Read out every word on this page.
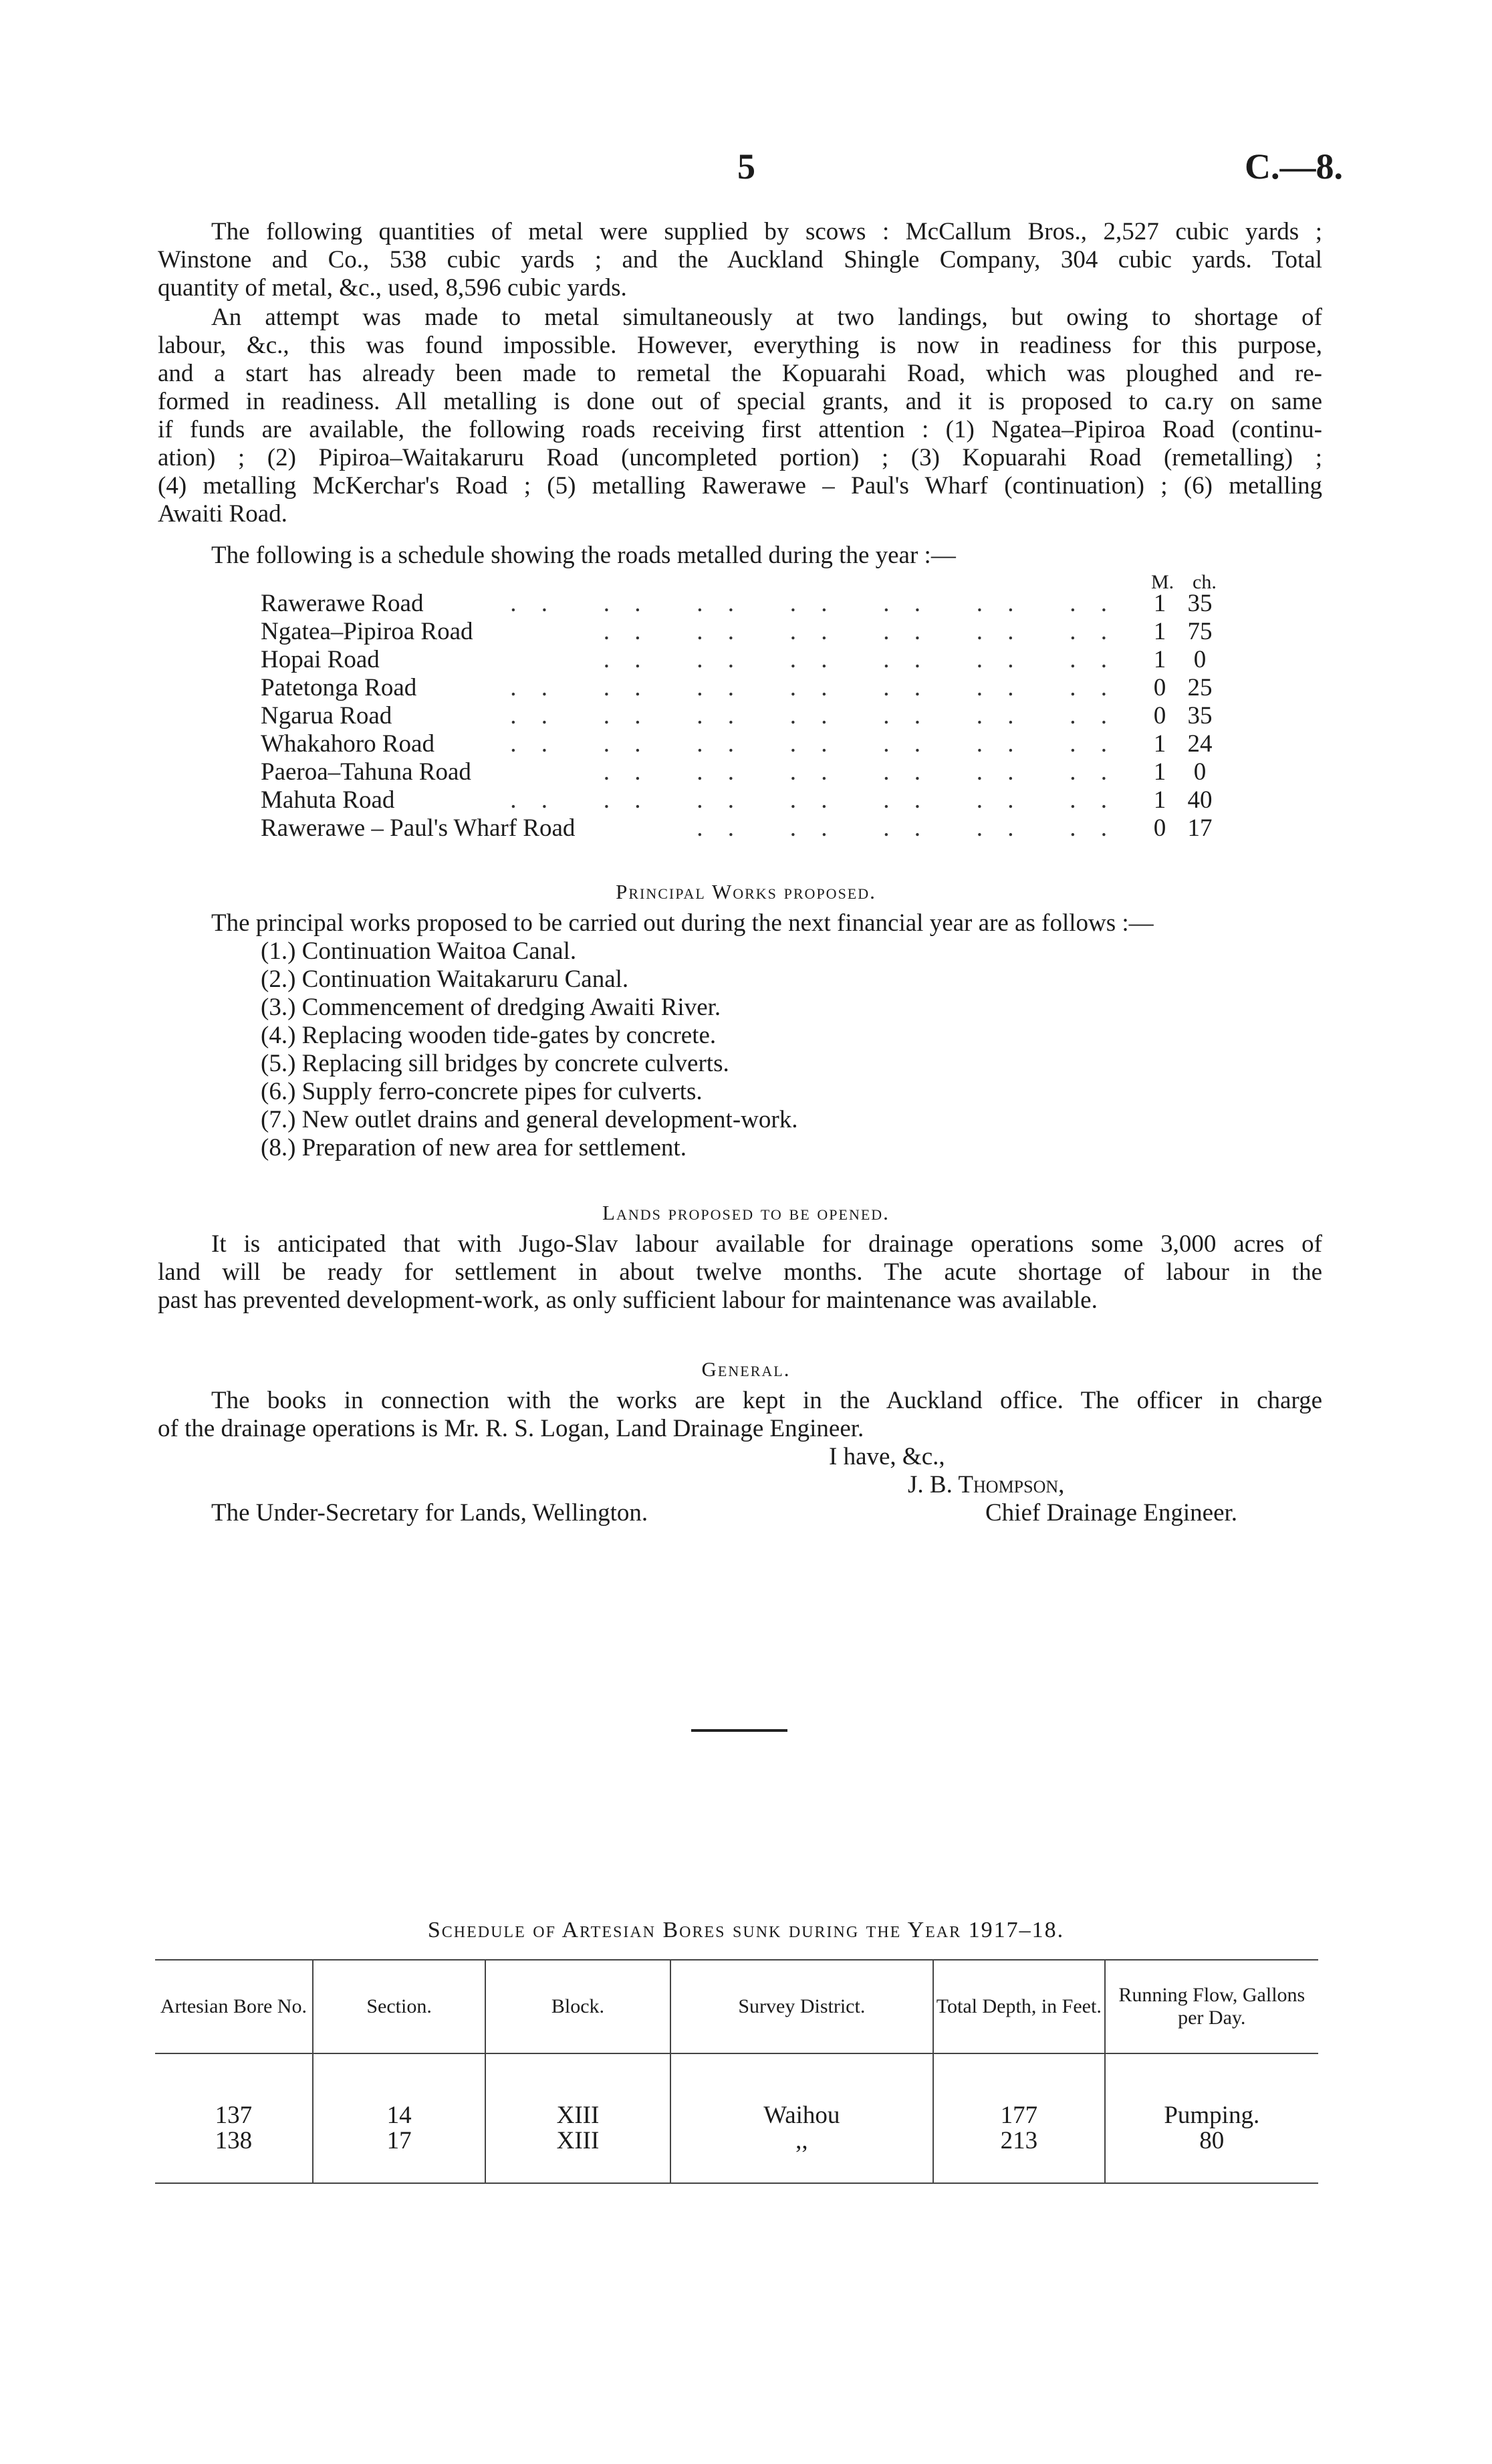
5	C.—8.
The following quantities of metal were supplied by scows : McCallum Bros., 2,527 cubic yards ;
Winstone and Co., 538 cubic yards ; and the Auckland Shingle Company, 304 cubic yards. Total
quantity of metal, &c., used, 8,596 cubic yards.
An attempt was made to metal simultaneously at two landings, but owing to shortage of
labour, &c., this was found impossible. However, everything is now in readiness for this purpose,
and a start has already been made to remetal the Kopuarahi Road, which was ploughed and re-
formed in readiness. All metalling is done out of special grants, and it is proposed to ca.ry on same
if funds are available, the following roads receiving first attention : (1) Ngatea–Pipiroa Road (continu-
ation) ; (2) Pipiroa–Waitakaruru Road (uncompleted portion) ; (3) Kopuarahi Road (remetalling) ;
(4) metalling McKerchar's Road ; (5) metalling Rawerawe – Paul's Wharf (continuation) ; (6) metalling
Awaiti Road.
The following is a schedule showing the roads metalled during the year :—
M. ch.
Rawerawe Road	. .   . .   . .   . .   . .   . .   . . 1 35
Ngatea–Pipiroa Road	. .   . .   . .   . .   . .   . . 1 75
Hopai Road	. .   . .   . .   . .   . .   . . 1	0
Patetonga Road	. .   . .   . .   . .   . .   . .   . . 0 25
Ngarua Road	. .   . .   . .   . .   . .   . .   . . 0 35
Whakahoro Road	. .   . .   . .   . .   . .   . .   . . 1 24
Paeroa–Tahuna Road	. .   . .   . .   . .   . .   . . 1	0
Mahuta Road	. .   . .   . .   . .   . .   . .   . . 1 40
Rawerawe – Paul's Wharf Road	. .   . .   . .   . .   . . 0 17
Principal Works proposed.
The principal works proposed to be carried out during the next financial year are as follows :—
(1.) Continuation Waitoa Canal.
(2.) Continuation Waitakaruru Canal.
(3.) Commencement of dredging Awaiti River.
(4.) Replacing wooden tide-gates by concrete.
(5.) Replacing sill bridges by concrete culverts.
(6.) Supply ferro-concrete pipes for culverts.
(7.) New outlet drains and general development-work.
(8.) Preparation of new area for settlement.
Lands proposed to be opened.
It is anticipated that with Jugo-Slav labour available for drainage operations some 3,000 acres of
land will be ready for settlement in about twelve months. The acute shortage of labour in the
past has prevented development-work, as only sufficient labour for maintenance was available.
General.
The books in connection with the works are kept in the Auckland office. The officer in charge
of the drainage operations is Mr. R. S. Logan, Land Drainage Engineer.
I have, &c.,
J. B. Thompson,
The Under-Secretary for Lands, Wellington.	Chief Drainage Engineer.
Schedule of Artesian Bores sunk during the Year 1917–18.
Artesian Bore No.	Section.	Block.	Survey District.	Total Depth, in Feet.	Running Flow, Gallons per Day.

137	14	XIII	Waihou	177	Pumping.
138	17	XIII	,,	213	80
